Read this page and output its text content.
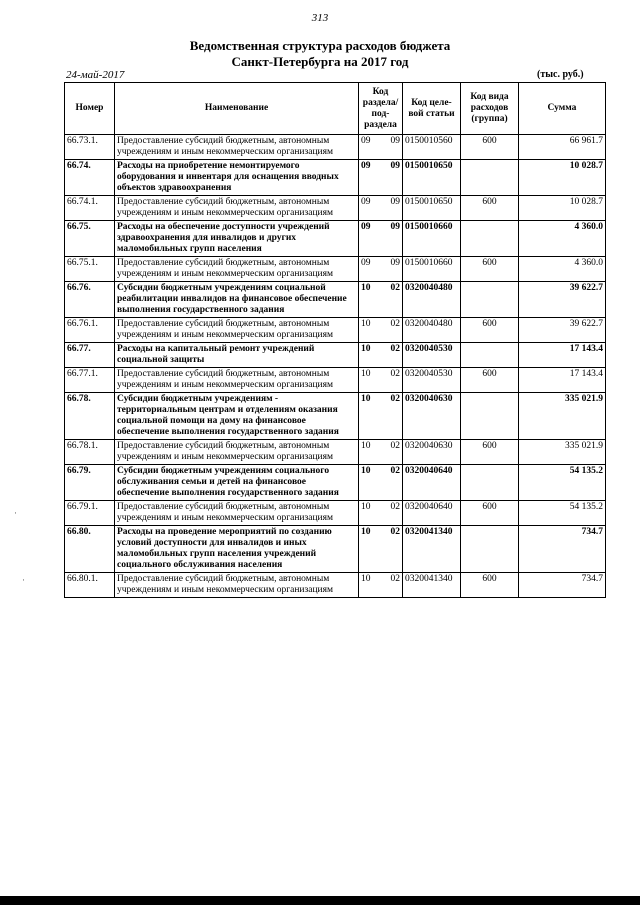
313
Ведомственная структура расходов бюджета
Санкт-Петербурга на 2017 год
24-май-2017	(тыс. руб.)
Номер	Наименование	Код раздела/ под- раздела	Код целе- вой статьи	Код вида расходов (группа)	Сумма
66.73.1.	Предоставление субсидий бюджетным, автономным учреждениям и иным некоммерческим организациям	09 09	0150010560	600	66 961.7
66.74.	Расходы на приобретение немонтируемого оборудования и инвентаря для оснащения вводных объектов здравоохранения	09 09	0150010650		10 028.7
66.74.1.	Предоставление субсидий бюджетным, автономным учреждениям и иным некоммерческим организациям	09 09	0150010650	600	10 028.7
66.75.	Расходы на обеспечение доступности учреждений здравоохранения для инвалидов и других маломобильных групп населения	09 09	0150010660		4 360.0
66.75.1.	Предоставление субсидий бюджетным, автономным учреждениям и иным некоммерческим организациям	09 09	0150010660	600	4 360.0
66.76.	Субсидии бюджетным учреждениям социальной реабилитации инвалидов на финансовое обеспечение выполнения государственного задания	10 02	0320040480		39 622.7
66.76.1.	Предоставление субсидий бюджетным, автономным учреждениям и иным некоммерческим организациям	10 02	0320040480	600	39 622.7
66.77.	Расходы на капитальный ремонт учреждений социальной защиты	10 02	0320040530		17 143.4
66.77.1.	Предоставление субсидий бюджетным, автономным учреждениям и иным некоммерческим организациям	10 02	0320040530	600	17 143.4
66.78.	Субсидии бюджетным учреждениям - территориальным центрам и отделениям оказания социальной помощи на дому на финансовое обеспечение выполнения государственного задания	10 02	0320040630		335 021.9
66.78.1.	Предоставление субсидий бюджетным, автономным учреждениям и иным некоммерческим организациям	10 02	0320040630	600	335 021.9
66.79.	Субсидии бюджетным учреждениям социального обслуживания семьи и детей на финансовое обеспечение выполнения государственного задания	10 02	0320040640		54 135.2
66.79.1.	Предоставление субсидий бюджетным, автономным учреждениям и иным некоммерческим организациям	10 02	0320040640	600	54 135.2
66.80.	Расходы на проведение мероприятий по созданию условий доступности для инвалидов и иных маломобильных групп населения учреждений социального обслуживания населения	10 02	0320041340		734.7
66.80.1.	Предоставление субсидий бюджетным, автономным учреждениям и иным некоммерческим организациям	10 02	0320041340	600	734.7
·
·
